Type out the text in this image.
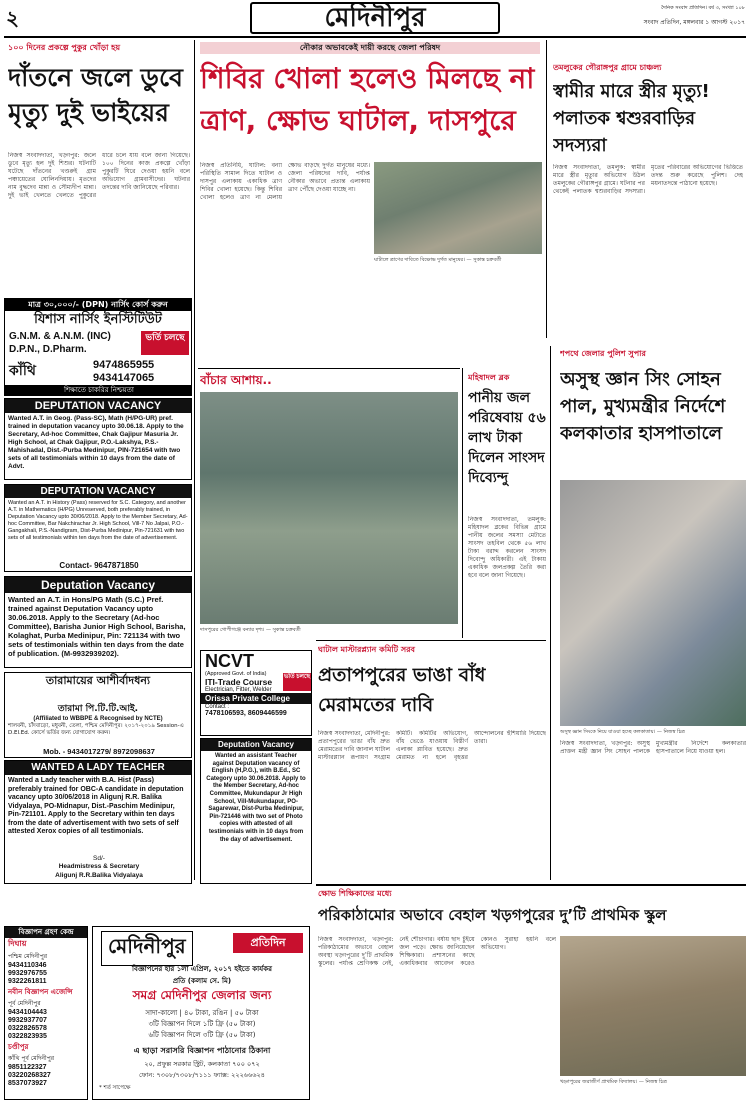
২	মেদিনীপুর	দৈনিক সংবাদ প্রতিদিন। বর্ষ ৩, সংখ্যা ১০৮
সংবাদ প্রতিদিন, মঙ্গলবার ১ আগস্ট ২০১৭
১০০ দিনের প্রকল্পে পুকুর খোঁড়া হয়
দাঁতনে জলে ডুবে মৃত্যু দুই ভাইয়ের
নিজস্ব সংবাদদাতা, খড়্গপুর: জলে ডুবে মৃত্যু হল দুই শিশুর। ঘটনাটি ঘটেছে দাঁতনের খণ্ডরুই গ্রাম পঞ্চায়েতের ঘোলিনদিয়ায়। মৃতদের নাম বুদ্ধদেব মান্না ও সৌম্যদীপ মান্না। দুই ভাই খেলতে খেলতে পুকুরের ধারে চলে যায় বলে জানা গিয়েছে। ১০০ দিনের কাজ প্রকল্পে খোঁড়া পুকুরটি ঘিরে দেওয়া হয়নি বলে অভিযোগ গ্রামবাসীদের। ঘটনার তদন্তের দাবি জানিয়েছে পরিবার।
নৌকার অভাবকেই দায়ী করছে জেলা পরিষদ
শিবির খোলা হলেও মিলছে না ত্রাণ, ক্ষোভ ঘাটাল, দাসপুরে
নিজস্ব প্রতিনিধি, ঘাটাল: বন্যা পরিস্থিতি সামাল দিতে ঘাটাল ও দাসপুর এলাকায় একাধিক ত্রাণ শিবির খোলা হয়েছে। কিন্তু শিবির খোলা হলেও ত্রাণ না মেলায় ক্ষোভ বাড়ছে দুর্গত মানুষের মধ্যে। জেলা পরিষদের দাবি, পর্যাপ্ত নৌকার অভাবে প্রত্যন্ত এলাকায় ত্রাণ পৌঁছে দেওয়া যাচ্ছে না।
ঘাটালে ত্রাণের দাবিতে বিক্ষোভ দুর্গত মানুষের। — সুকান্ত চক্রবর্তী
তমলুকের গৌরাঙ্গপুর গ্রামে চাঞ্চল্য
স্বামীর মারে স্ত্রীর মৃত্যু! পলাতক শ্বশুরবাড়ির সদস্যরা
নিজস্ব সংবাদদাতা, তমলুক: স্বামীর মারে স্ত্রীর মৃত্যুর অভিযোগ উঠল তমলুকের গৌরাঙ্গপুর গ্রামে। ঘটনার পর থেকেই পলাতক শ্বশুরবাড়ির সদস্যরা। মৃতের পরিবারের অভিযোগের ভিত্তিতে তদন্ত শুরু করেছে পুলিশ। দেহ ময়নাতদন্তে পাঠানো হয়েছে।
মাত্র ৩০,০০০/- (DPN) নার্সিং কোর্স করুন
যিশাস নার্সিং ইনস্টিটিউট
G.N.M. & A.N.M. (INC)
D.P.N., D.Pharm.
ভর্তি চলছে
কাঁথি	9474865955
9434147065
শিক্ষাতে চাকরির নিশ্চয়তা
DEPUTATION VACANCY
Wanted A.T. in Geog. (Pass-SC), Math (H/PG-UR) pref. trained in deputation vacancy upto 30.06.18. Apply to the Secretary, Ad-hoc Committee, Chak Gajipur Masuria Jr. High School, at Chak Gajipur, P.O.-Lakshya, P.S.-Mahishadal, Dist.-Purba Medinipur, PIN-721654 with two sets of all testimonials within 10 days from the date of Advt.
DEPUTATION VACANCY
Wanted an A.T. in History (Pass) reserved for S.C. Category, and another A.T. in Mathematics (H/PG) Unreserved, both preferably trained, in Deputation Vacancy upto 30/06/2018. Apply to the Member Secretary, Ad-hoc Committee, Bar Nakchirachar Jr. High School, Vill-7 No Jalpai, P.O.-Gangakhali, P.S.-Nandigram, Dist-Purba Medinipur, Pin-721631 with two sets of all testimonials within ten days from the date of advertisement.
Contact- 9647871850
Deputation Vacancy
Wanted an A.T. in Hons/PG Math (S.C.) Pref. trained against Deputation Vacancy upto 30.06.2018. Apply to the Secretary (Ad-hoc Committee), Barisha Junior High School, Barisha, Kolaghat, Purba Medinipur, Pin: 721134 with two sets of testimonials within ten days from the date of publication. (M-9932939202).
তারামায়ের আশীর্বাদধন্য
তারামা পি.টি.টি.আই.
(Affiliated to WBBPE & Recognised by NCTE)
শালবনী, চাঁদবাড়ো, মধুবনী, তেলা, পশ্চিম মেদিনীপুর। ২০১৭-২০১৯ Session-এ D.El.Ed. কোর্সে ভর্তির জন্য যোগাযোগ করুন।
Mob. - 9434017279/ 8972098637
WANTED A LADY TEACHER
Wanted a Lady teacher with B.A. Hist (Pass) preferably trained for OBC-A candidate in deputation vacancy upto 30/06/2018 in Aligunj R.R. Balika Vidyalaya, PO-Midnapur, Dist.-Paschim Medinipur, Pin-721101. Apply to the Secretary within ten days from the date of advertisement with two sets of self attested Xerox copies of all testimonials.
Sd/-
Headmistress & Secretary
Aligunj R.R.Balika Vidyalaya
বাঁচার আশায়..
দাসপুরের গোপীগঞ্জে বন্যার দৃশ্য। — সুকান্ত চক্রবর্তী
মহিষাদল ব্লক
পানীয় জল পরিষেবায় ৫৬ লাখ টাকা দিলেন সাংসদ দিব্যেন্দু
নিজস্ব সংবাদদাতা, তমলুক: মহিষাদল ব্লকের বিভিন্ন গ্রামে পানীয় জলের সমস্যা মেটাতে সাংসদ তহবিল থেকে ৫৬ লাখ টাকা বরাদ্দ করলেন সাংসদ দিব্যেন্দু অধিকারী। এই টাকায় একাধিক জলপ্রকল্প তৈরি করা হবে বলে জানা গিয়েছে।
শপথে জেলার পুলিশ সুপার
অসুস্থ জ্ঞান সিং সোহন পাল, মুখ্যমন্ত্রীর নির্দেশে কলকাতার হাসপাতালে
অসুস্থ জ্ঞান সিংকে নিয়ে যাওয়া হচ্ছে কলকাতায়। — নিজস্ব চিত্র
নিজস্ব সংবাদদাতা, খড়্গপুর: অসুস্থ প্রাক্তন মন্ত্রী জ্ঞান সিং সোহন পালকে মুখ্যমন্ত্রীর নির্দেশে কলকাতার হাসপাতালে নিয়ে যাওয়া হল।
NCVT
(Approved Govt. of India)
ITI-Trade Course	ভর্তি চলছে
Electrician, Fitter, Welder
Orissa Private College
Contact :
7478106593, 8609446599
Deputation Vacancy
Wanted an assistant Teacher against Deputation vacancy of English (H,P.G.), with B.Ed., SC Category upto 30.06.2018. Apply to the Member Secretary, Ad-hoc Committee, Mukundapur Jr High School, Vill-Mukundapur, PO-Sagarewar, Dist-Purba Medinipur, Pin-721446 with two set of Photo copies with attested of all testimonials with in 10 days from the day of advertisement.
ঘাটাল মাস্টারপ্ল্যান কমিটি সরব
প্রতাপপুরের ভাঙা বাঁধ মেরামতের দাবি
নিজস্ব সংবাদদাতা, মেদিনীপুর: প্রতাপপুরের ভাঙা বাঁধ দ্রুত মেরামতের দাবি জানাল ঘাটাল মাস্টারপ্ল্যান রূপায়ণ সংগ্রাম কমিটি। কমিটির অভিযোগ, বাঁধ ভেঙে যাওয়ায় বিস্তীর্ণ এলাকা প্লাবিত হয়েছে। দ্রুত মেরামত না হলে বৃহত্তর আন্দোলনের হুঁশিয়ারি দিয়েছে তারা।
ক্ষোভ শিক্ষিকাদের মধ্যে
পরিকাঠামোর অভাবে বেহাল খড়গপুরের দু’টি প্রাথমিক স্কুল
নিজস্ব সংবাদদাতা, খড়্গপুর: পরিকাঠামোর অভাবে বেহাল অবস্থা খড়্গপুরের দু’টি প্রাথমিক স্কুলের। পর্যাপ্ত শ্রেণিকক্ষ নেই, নেই শৌচাগার। বর্ষায় ছাদ চুঁইয়ে জল পড়ে। ক্ষোভ জানিয়েছেন শিক্ষিকারা। প্রশাসনের কাছে একাধিকবার আবেদন করেও কোনও সুরাহা হয়নি বলে অভিযোগ।
খড়্গপুরের জরাজীর্ণ প্রাথমিক বিদ্যালয়। — নিজস্ব চিত্র
বিজ্ঞাপন গ্রহণ কেন্দ্র
দিঘায়
পশ্চিম মেদিনীপুর
9434110346
9932976755
9322261811
নবীন বিজ্ঞাপন এজেন্সি
পূর্ব মেদিনীপুর
9434104443
9932937707
0322826578
0322823935
চণ্ডীপুর
কাঁথি পূর্ব মেদিনীপুর
9851122327
03220268327
8537073927
মেদিনীপুর	প্রতিদিন
বিজ্ঞাপনের হার ১লা এপ্রিল, ২০১৭ হইতে কার্যকর
প্রতি (কলাম সে. মি)
সমগ্র মেদিনীপুর জেলার জন্য
সাদা-কালো | ৪০ টাকা, রঙিন | ৫০ টাকা
৩টি বিজ্ঞাপন দিলে ১টি ফ্রি (৫০ টাকা)
৬টি বিজ্ঞাপন দিলে ৩টি ফ্রি (৫০ টাকা)
এ ছাড়া সরাসরি বিজ্ঞাপন পাঠানোর ঠিকানা
২০, প্রফুল্ল সরকার স্ট্রিট, কলকাতা ৭০০ ০৭২
ফোন: ৭৩০৮/৭৩০৮/৭১১১ ফ্যাক্স: ২২২৬৬৬২৪
* শর্ত সাপেক্ষে
